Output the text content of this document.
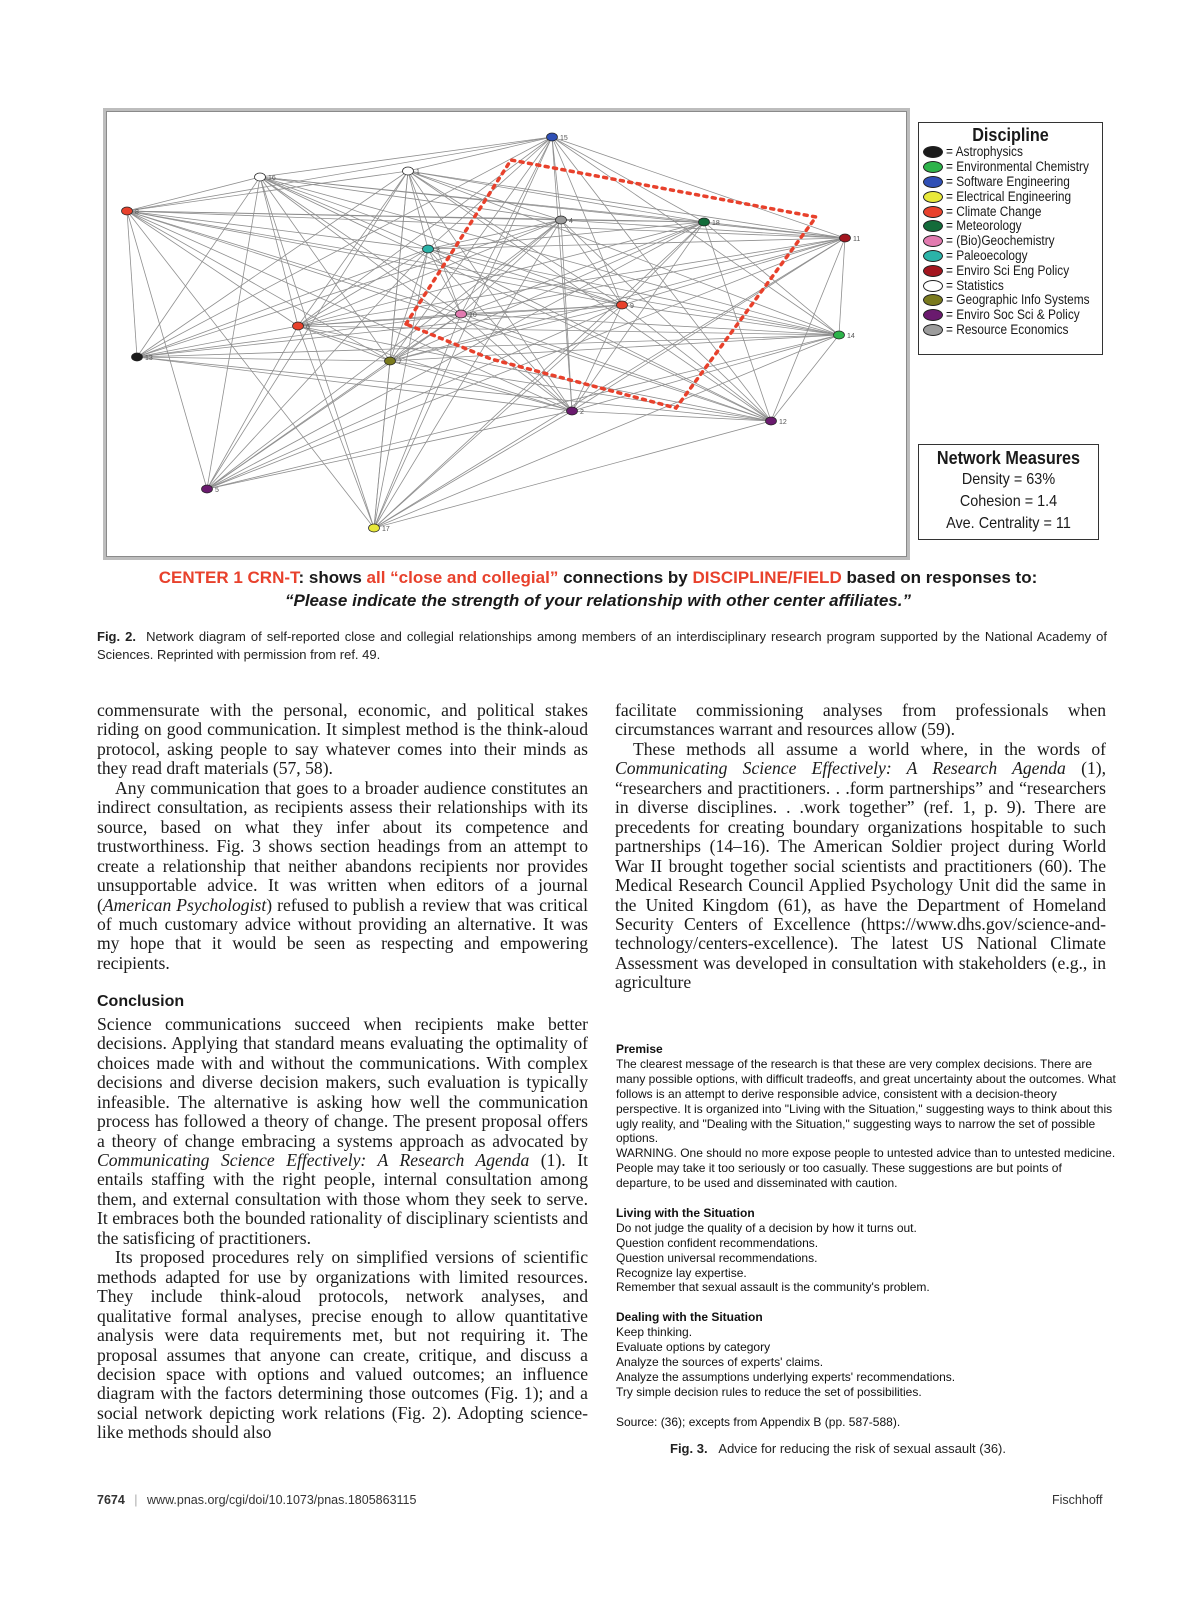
15
16
1
8
4	18
11
3
9
10
6
14
13
7
2
12
5
17
Discipline
= Astrophysics
= Environmental Chemistry
= Software Engineering
= Electrical Engineering
= Climate Change
= Meteorology
= (Bio)Geochemistry
= Paleoecology
= Enviro Sci Eng Policy
= Statistics
= Geographic Info Systems
= Enviro Soc Sci & Policy
= Resource Economics
Network Measures
Density = 63%
Cohesion = 1.4
Ave. Centrality = 11
CENTER 1 CRN-T: shows all “close and collegial” connections by DISCIPLINE/FIELD based on responses to:
“Please indicate the strength of your relationship with other center affiliates.”
Fig. 2. Network diagram of self-reported close and collegial relationships among members of an interdisciplinary research program supported by the National Academy of Sciences. Reprinted with permission from ref. 49.

commensurate with the personal, economic, and political stakes riding on good communication. It simplest method is the think-aloud protocol, asking people to say whatever comes into their minds as they read draft materials (57, 58).

Any communication that goes to a broader audience constitutes an indirect consultation, as recipients assess their relationships with its source, based on what they infer about its competence and trustworthiness. Fig. 3 shows section headings from an attempt to create a relationship that neither abandons recipients nor provides unsupportable advice. It was written when editors of a journal (American Psychologist) refused to publish a review that was critical of much customary advice without providing an alternative. It was my hope that it would be seen as respecting and empowering recipients.

Conclusion

Science communications succeed when recipients make better decisions. Applying that standard means evaluating the optimality of choices made with and without the communications. With complex decisions and diverse decision makers, such evaluation is typically infeasible. The alternative is asking how well the communication process has followed a theory of change. The present proposal offers a theory of change embracing a systems approach as advocated by Communicating Science Effectively: A Research Agenda (1). It entails staffing with the right people, internal consultation among them, and external consultation with those whom they seek to serve. It embraces both the bounded rationality of disciplinary scientists and the satisficing of practitioners.

Its proposed procedures rely on simplified versions of scientific methods adapted for use by organizations with limited resources. They include think-aloud protocols, network analyses, and qualitative formal analyses, precise enough to allow quantitative analysis were data requirements met, but not requiring it. The proposal assumes that anyone can create, critique, and discuss a decision space with options and valued outcomes; an influence diagram with the factors determining those outcomes (Fig. 1); and a social network depicting work relations (Fig. 2). Adopting science-like methods should also

facilitate commissioning analyses from professionals when circumstances warrant and resources allow (59).

These methods all assume a world where, in the words of Communicating Science Effectively: A Research Agenda (1), “researchers and practitioners. . .form partnerships” and “researchers in diverse disciplines. . .work together” (ref. 1, p. 9). There are precedents for creating boundary organizations hospitable to such partnerships (14–16). The American Soldier project during World War II brought together social scientists and practitioners (60). The Medical Research Council Applied Psychology Unit did the same in the United Kingdom (61), as have the Department of Homeland Security Centers of Excellence (https://www.dhs.gov/science-and-technology/centers-excellence). The latest US National Climate Assessment was developed in consultation with stakeholders (e.g., in agriculture

Premise

The clearest message of the research is that these are very complex decisions. There are many possible options, with difficult tradeoffs, and great uncertainty about the outcomes. What follows is an attempt to derive responsible advice, consistent with a decision-theory perspective. It is organized into "Living with the Situation," suggesting ways to think about this ugly reality, and "Dealing with the Situation," suggesting ways to narrow the set of possible options.

WARNING. One should no more expose people to untested advice than to untested medicine. People may take it too seriously or too casually. These suggestions are but points of departure, to be used and disseminated with caution.

Living with the Situation

Do not judge the quality of a decision by how it turns out.

Question confident recommendations.

Question universal recommendations.

Recognize lay expertise.

Remember that sexual assault is the community's problem.

Dealing with the Situation

Keep thinking.

Evaluate options by category

Analyze the sources of experts' claims.

Analyze the assumptions underlying experts' recommendations.

Try simple decision rules to reduce the set of possibilities.

Source: (36); excepts from Appendix B (pp. 587-588).

Fig. 3. Advice for reducing the risk of sexual assault (36).
7674 | www.pnas.org/cgi/doi/10.1073/pnas.1805863115	Fischhoff
